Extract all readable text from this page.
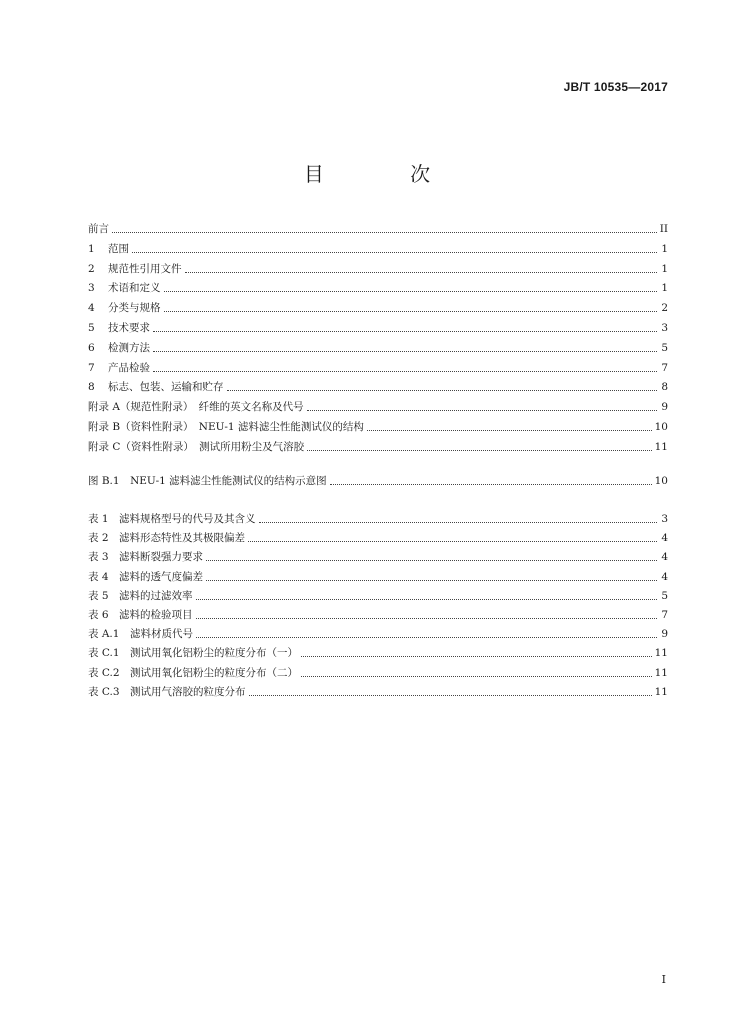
JB/T 10535—2017
目 次
前言	II
1	范围	1
2	规范性引用文件	1
3	术语和定义	1
4	分类与规格	2
5	技术要求	3
6	检测方法	5
7	产品检验	7
8	标志、包装、运输和贮存	8
附录 A（规范性附录）　纤维的英文名称及代号	9
附录 B（资料性附录）　NEU-1 滤料滤尘性能测试仪的结构	10
附录 C（资料性附录）　测试所用粉尘及气溶胶	11
图 B.1　NEU-1 滤料滤尘性能测试仪的结构示意图	10
表 1　滤料规格型号的代号及其含义	3
表 2　滤料形态特性及其极限偏差	4
表 3　滤料断裂强力要求	4
表 4　滤料的透气度偏差	4
表 5　滤料的过滤效率	5
表 6　滤料的检验项目	7
表 A.1　滤料材质代号	9
表 C.1　测试用氧化铝粉尘的粒度分布（一）	11
表 C.2　测试用氧化铝粉尘的粒度分布（二）	11
表 C.3　测试用气溶胶的粒度分布	11
I
